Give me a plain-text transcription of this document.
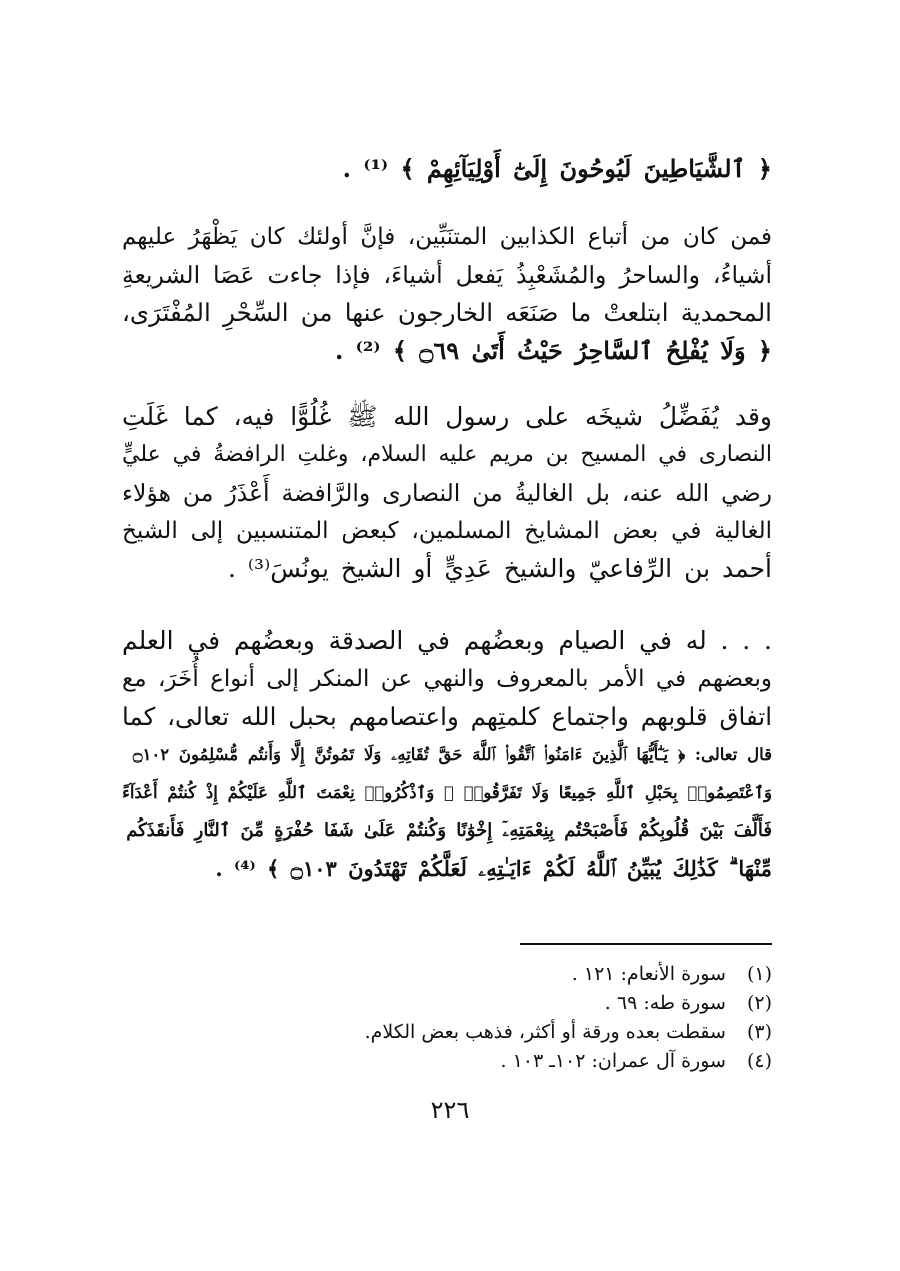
﴿ ٱلشَّيَاطِينَ لَيُوحُونَ إِلَىٰٓ أَوْلِيَآئِهِمْ ﴾ ⁽¹⁾ .
فمن كان من أتباع الكذابين المتنَبِّين، فإنَّ أولئك كان يَظْهَرُ عليهم
أشياءُ، والساحرُ والمُشَعْبِذُ يَفعل أشياءَ، فإذا جاءت عَصَا الشريعةِ
المحمدية ابتلعتْ ما صَنَعَه الخارجون عنها من السِّحْرِ المُفْتَرَى،
﴿ وَلَا يُفْلِحُ ٱلسَّاحِرُ حَيْثُ أَتَىٰ ۝٦٩ ﴾ ⁽²⁾ .
وقد يُفَضِّلُ شيخَه على رسول الله ﷺ غُلُوًّا فيه، كما غَلَتِ
النصارى في المسيح بن مريم عليه السلام، وغلتِ الرافضةُ في عليٍّ
رضي الله عنه، بل الغاليةُ من النصارى والرَّافضة أَعْذَرُ من هؤلاء
الغالية في بعض المشايخ المسلمين، كبعض المتنسبين إلى الشيخ
أحمد بن الرِّفاعيّ والشيخ عَدِيٍّ أو الشيخ يونُسَ⁽³⁾ .
. . . له في الصيام وبعضُهم في الصدقة وبعضُهم في العلم
وبعضهم في الأمر بالمعروف والنهي عن المنكر إلى أنواع أُخَرَ، مع
اتفاق قلوبهم واجتماع كلمتِهم واعتصامهم بحبل الله تعالى، كما
قال تعالى: ﴿ يَـٰٓأَيُّهَا ٱلَّذِينَ ءَامَنُوا۟ ٱتَّقُوا۟ ٱللَّهَ حَقَّ تُقَاتِهِۦ وَلَا تَمُوتُنَّ إِلَّا وَأَنتُم مُّسْلِمُونَ ۝١٠٢
وَٱعْتَصِمُوا۟ بِحَبْلِ ٱللَّهِ جَمِيعًا وَلَا تَفَرَّقُوا۟ ۚ وَٱذْكُرُوا۟ نِعْمَتَ ٱللَّهِ عَلَيْكُمْ إِذْ كُنتُمْ أَعْدَآءً
فَأَلَّفَ بَيْنَ قُلُوبِكُمْ فَأَصْبَحْتُم بِنِعْمَتِهِۦٓ إِخْوَٰنًا وَكُنتُمْ عَلَىٰ شَفَا حُفْرَةٍ مِّنَ ٱلنَّارِ فَأَنقَذَكُم
مِّنْهَا ۗ كَذَٰلِكَ يُبَيِّنُ ٱللَّهُ لَكُمْ ءَايَـٰتِهِۦ لَعَلَّكُمْ تَهْتَدُونَ ۝١٠٣ ﴾ ⁽⁴⁾ .
(١) سورة الأنعام: ١٢١ .
(٢) سورة طه: ٦٩ .
(٣) سقطت بعده ورقة أو أكثر، فذهب بعض الكلام.
(٤) سورة آل عمران: ١٠٢ـ ١٠٣ .
٢٢٦
